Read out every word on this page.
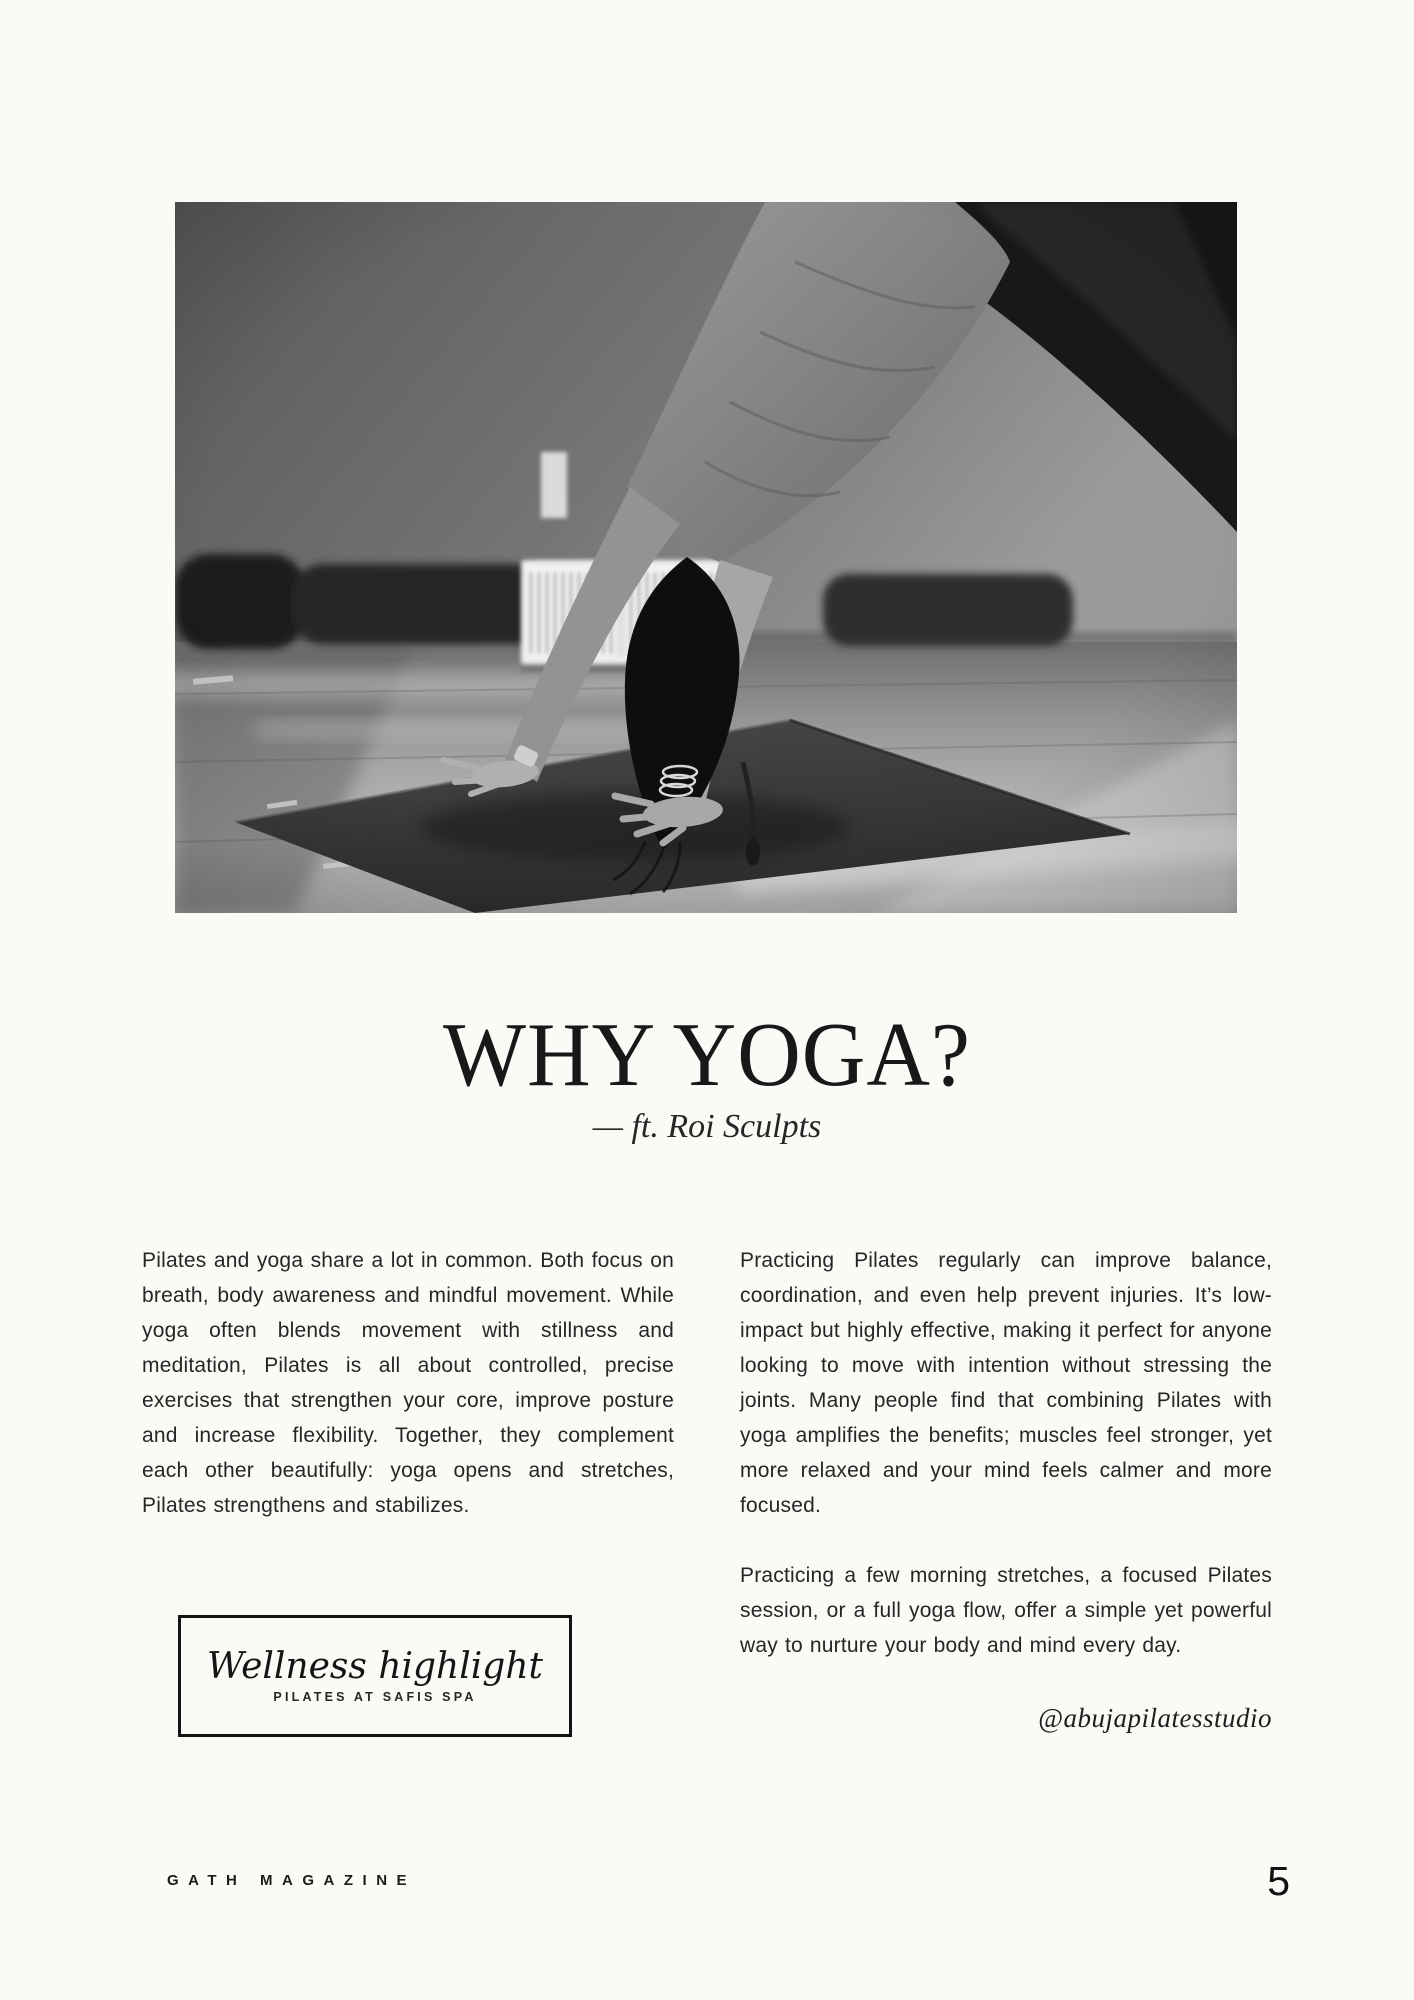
WHY YOGA?
— ft. Roi Sculpts

Pilates and yoga share a lot in common. Both focus on breath, body awareness and mindful movement. While yoga often blends movement with stillness and meditation, Pilates is all about controlled, precise exercises that strengthen your core, improve posture and increase flexibility. Together, they complement each other beautifully: yoga opens and stretches, Pilates strengthens and stabilizes.

Practicing Pilates regularly can improve balance, coordination, and even help prevent injuries. It’s low-impact but highly effective, making it perfect for anyone looking to move with intention without stressing the joints. Many people find that combining Pilates with yoga amplifies the benefits; muscles feel stronger, yet more relaxed and your mind feels calmer and more focused.

Practicing a few morning stretches, a focused Pilates session, or a full yoga flow, offer a simple yet powerful way to nurture your body and mind every day.

@abujapilatesstudio
Wellness highlight
PILATES AT SAFIS SPA
GATH MAGAZINE	5
